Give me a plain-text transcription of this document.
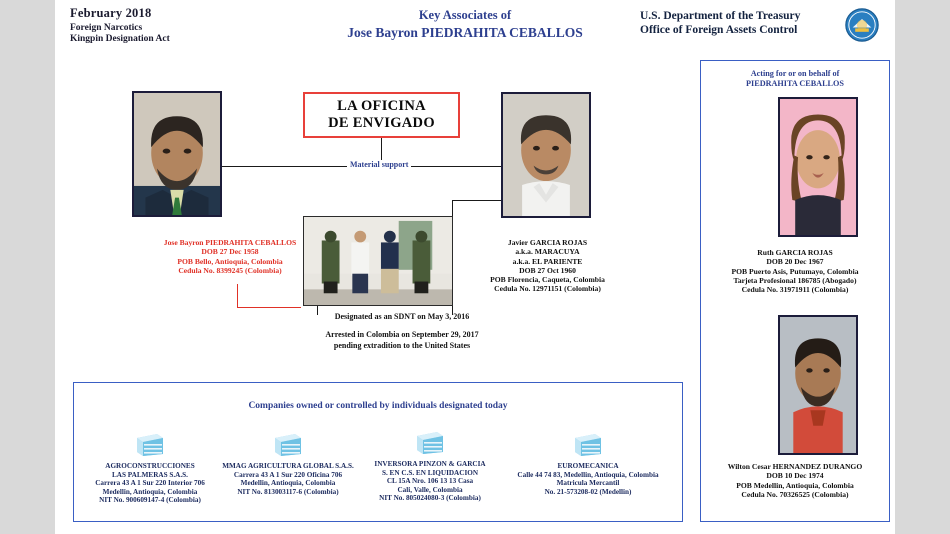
February 2018
Foreign Narcotics
Kingpin Designation Act
Key Associates of
Jose Bayron PIEDRAHITA CEBALLOS
U.S. Department of the Treasury
Office of Foreign Assets Control
LA OFICINA
DE ENVIGADO
Material support
Jose Bayron PIEDRAHITA CEBALLOS
DOB 27 Dec 1958
POB Bello, Antioquia, Colombia
Cedula No. 8399245 (Colombia)
Javier GARCIA ROJAS
a.k.a. MARACUYA
a.k.a. EL PARIENTE
DOB 27 Oct 1960
POB Florencia, Caqueta, Colombia
Cedula No. 12971151 (Colombia)
Designated as an SDNT on May 3, 2016
Arrested in Colombia on September 29, 2017
pending extradition to the United States
Acting for or on behalf of
PIEDRAHITA CEBALLOS
Ruth GARCIA ROJAS
DOB 20 Dec 1967
POB Puerto Asis, Putumayo, Colombia
Tarjeta Profesional 186785 (Abogado)
Cedula No. 31971911 (Colombia)
Wilton Cesar HERNANDEZ DURANGO
DOB 10 Dec 1974
POB Medellin, Antioquia, Colombia
Cedula No. 70326525 (Colombia)
Companies owned or controlled by individuals designated today
AGROCONSTRUCCIONES
LAS PALMERAS S.A.S.
Carrera 43 A 1 Sur 220 Interior 706
Medellin, Antioquia, Colombia
NIT No. 900609147-4 (Colombia)
MMAG AGRICULTURA GLOBAL S.A.S.
Carrera 43 A 1 Sur 220 Oficina 706
Medellin, Antioquia, Colombia
NIT No. 813003117-6 (Colombia)
INVERSORA PINZON & GARCIA
S. EN C.S. EN LIQUIDACION
CL 15A Nro. 106 13 13 Casa
Cali, Valle, Colombia
NIT No. 805024080-3 (Colombia)
EUROMECANICA
Calle 44 74 83, Medellin, Antioquia, Colombia
Matricula Mercantil
No. 21-573208-02 (Medellin)
